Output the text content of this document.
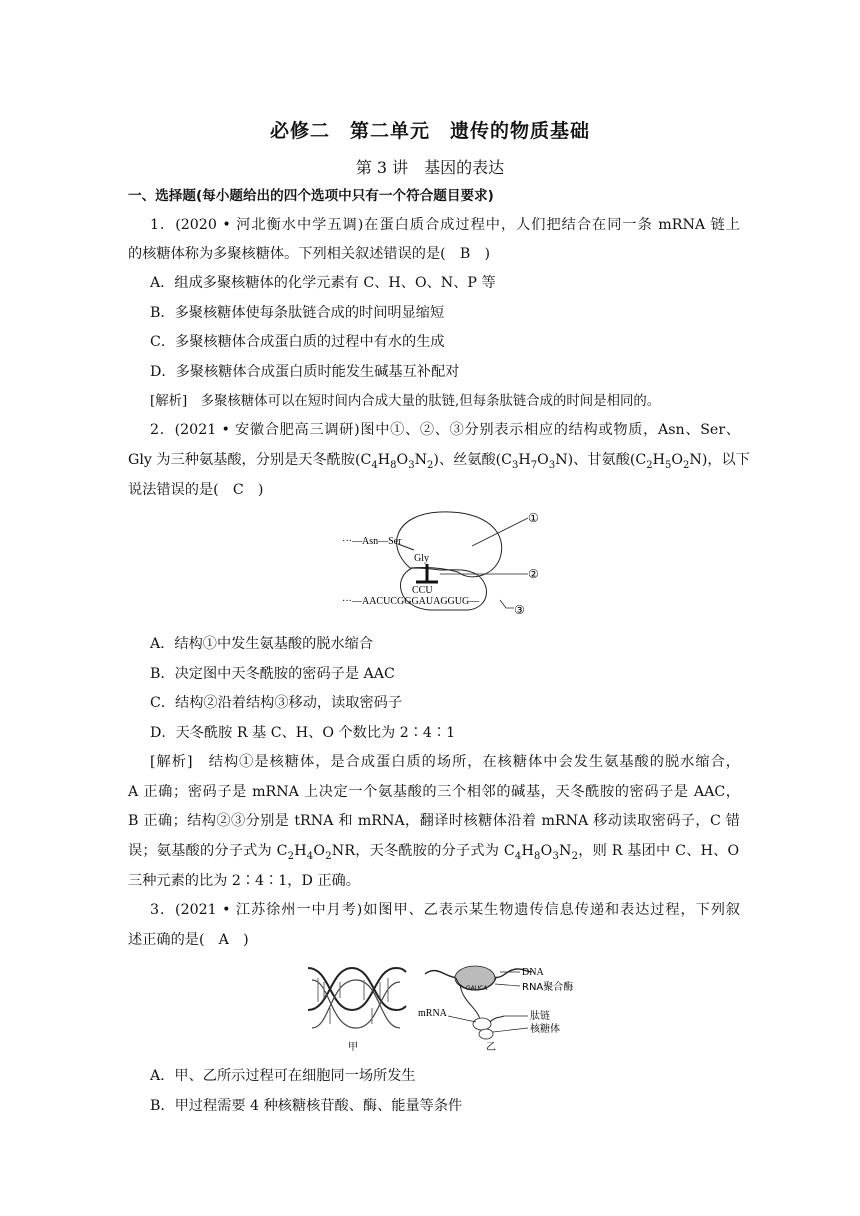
必修二　第二单元　遗传的物质基础
第 3 讲　基因的表达
一、选择题(每小题给出的四个选项中只有一个符合题目要求)
1．(2020 • 河北衡水中学五调)在蛋白质合成过程中，人们把结合在同一条 mRNA 链上
的核糖体称为多聚核糖体。下列相关叙述错误的是(　B　)
A．组成多聚核糖体的化学元素有 C、H、O、N、P 等
B．多聚核糖体使每条肽链合成的时间明显缩短
C．多聚核糖体合成蛋白质的过程中有水的生成
D．多聚核糖体合成蛋白质时能发生碱基互补配对
[解析]　多聚核糖体可以在短时间内合成大量的肽链,但每条肽链合成的时间是相同的。
2．(2021 • 安徽合肥高三调研)图中①、②、③分别表示相应的结构或物质，Asn、Ser、
Gly 为三种氨基酸，分别是天冬酰胺$(C_4H_8O_3N_2)$、丝氨酸$(C_3H_7O_3N)$、甘氨酸$(C_2H_5O_2N)$，以下
说法错误的是(　C　)
···—Asn—Ser
Gly
CCU
···—AACUCGGGAUAGGUG—
①
②
③
A．结构①中发生氨基酸的脱水缩合
B．决定图中天冬酰胺的密码子是 AAC
C．结构②沿着结构③移动，读取密码子
D．天冬酰胺 R 基 C、H、O 个数比为 2∶4∶1
[解析]　结构①是核糖体，是合成蛋白质的场所，在核糖体中会发生氨基酸的脱水缩合，
A 正确；密码子是 mRNA 上决定一个氨基酸的三个相邻的碱基，天冬酰胺的密码子是 AAC，
B 正确；结构②③分别是 tRNA 和 mRNA，翻译时核糖体沿着 mRNA 移动读取密码子，C 错
误；氨基酸的分子式为 $C_2H_4O_2NR$，天冬酰胺的分子式为 $C_4H_8O_3N_2$，则 R 基团中 C、H、O
三种元素的比为 2∶4∶1，D 正确。
3．(2021 • 江苏徐州一中月考)如图甲、乙表示某生物遗传信息传递和表达过程，下列叙
述正确的是(　A　)
甲
GAUCA
DNA
RNA聚合酶
mRNA	肽链
核糖体
乙
A．甲、乙所示过程可在细胞同一场所发生
B．甲过程需要 4 种核糖核苷酸、酶、能量等条件
